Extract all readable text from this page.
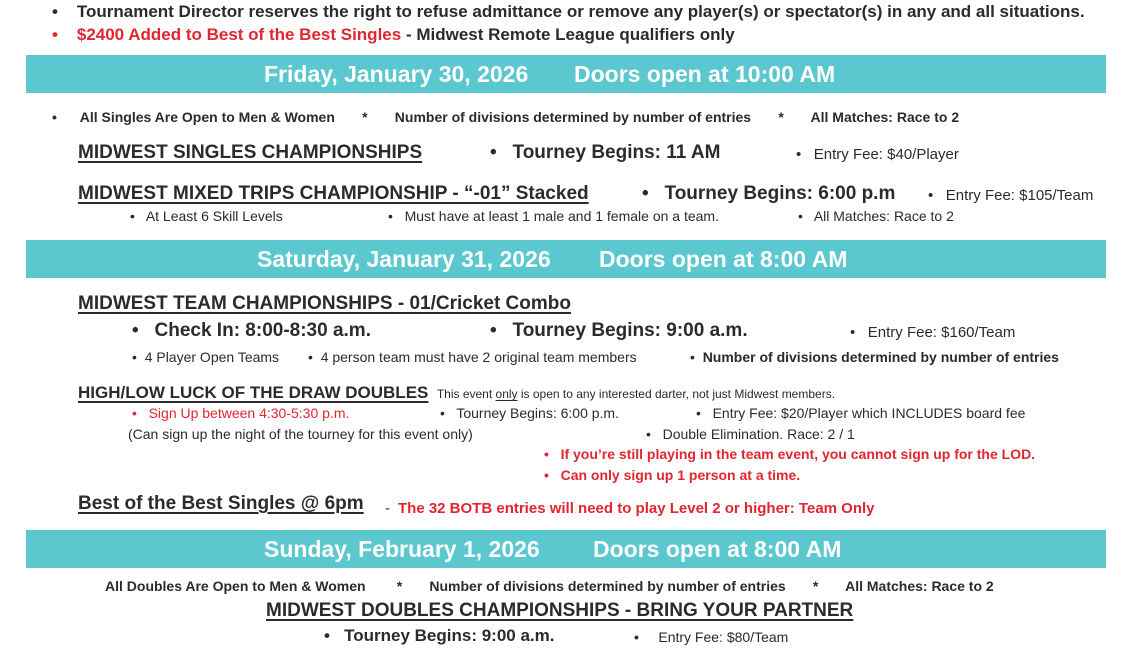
• Tournament Director reserves the right to refuse admittance or remove any player(s) or spectator(s) in any and all situations.
• $2400 Added to Best of the Best Singles - Midwest Remote League qualifiers only
Friday, January 30, 2026 Doors open at 10:00 AM
• All Singles Are Open to Men & Women * Number of divisions determined by number of entries * All Matches: Race to 2
MIDWEST SINGLES CHAMPIONSHIPS	• Tourney Begins: 11 AM	• Entry Fee: $40/Player
MIDWEST MIXED TRIPS CHAMPIONSHIP - “-01” Stacked	• Tourney Begins: 6:00 p.m • Entry Fee: $105/Team
• At Least 6 Skill Levels	• Must have at least 1 male and 1 female on a team.	• All Matches: Race to 2
Saturday, January 31, 2026 Doors open at 8:00 AM
MIDWEST TEAM CHAMPIONSHIPS - 01/Cricket Combo
• Check In: 8:00-8:30 a.m.	• Tourney Begins: 9:00 a.m.	• Entry Fee: $160/Team
• 4 Player Open Teams • 4 person team must have 2 original team members	• Number of divisions determined by number of entries
HIGH/LOW LUCK OF THE DRAW DOUBLES This event only is open to any interested darter, not just Midwest members.
• Sign Up between 4:30-5:30 p.m.	• Tourney Begins: 6:00 p.m.	• Entry Fee: $20/Player which INCLUDES board fee
(Can sign up the night of the tourney for this event only)	• Double Elimination. Race: 2 / 1
• If you’re still playing in the team event, you cannot sign up for the LOD.
• Can only sign up 1 person at a time.
Best of the Best Singles @ 6pm - The 32 BOTB entries will need to play Level 2 or higher: Team Only
Sunday, February 1, 2026 Doors open at 8:00 AM
All Doubles Are Open to Men & Women * Number of divisions determined by number of entries * All Matches: Race to 2
MIDWEST DOUBLES CHAMPIONSHIPS - BRING YOUR PARTNER
• Tourney Begins: 9:00 a.m.	• Entry Fee: $80/Team
